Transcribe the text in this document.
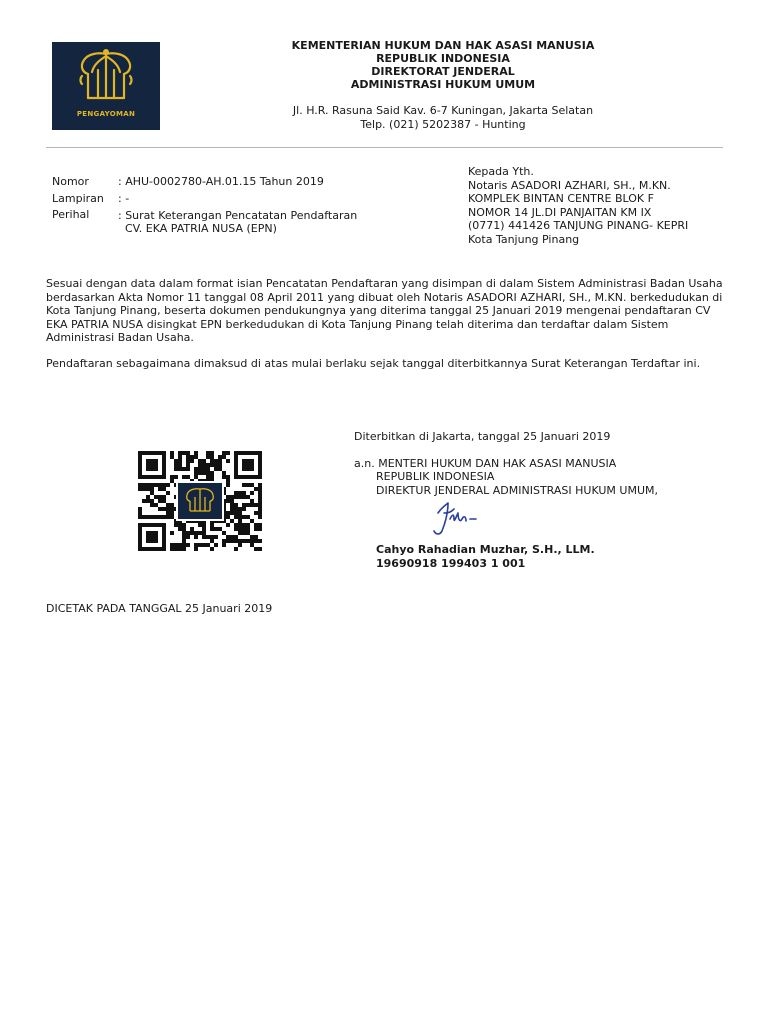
PENGAYOMAN
KEMENTERIAN HUKUM DAN HAK ASASI MANUSIA
REPUBLIK INDONESIA
DIREKTORAT JENDERAL
ADMINISTRASI HUKUM UMUM
Jl. H.R. Rasuna Said Kav. 6-7 Kuningan, Jakarta Selatan
Telp. (021) 5202387 - Hunting
Nomor	: AHU-0002780-AH.01.15 Tahun 2019
Lampiran : -
Perihal	: Surat Keterangan Pencatatan Pendaftaran
CV. EKA PATRIA NUSA (EPN)
Kepada Yth.
Notaris ASADORI AZHARI, SH., M.KN.
KOMPLEK BINTAN CENTRE BLOK F
NOMOR 14 JL.DI PANJAITAN KM IX
(0771) 441426 TANJUNG PINANG- KEPRI
Kota Tanjung Pinang

Sesuai dengan data dalam format isian Pencatatan Pendaftaran yang disimpan di dalam Sistem Administrasi Badan Usaha berdasarkan Akta Nomor 11 tanggal 08 April 2011 yang dibuat oleh Notaris ASADORI AZHARI, SH., M.KN. berkedudukan di Kota Tanjung Pinang, beserta dokumen pendukungnya yang diterima tanggal 25 Januari 2019 mengenai pendaftaran CV EKA PATRIA NUSA disingkat EPN berkedudukan di Kota Tanjung Pinang telah diterima dan terdaftar dalam Sistem Administrasi Badan Usaha.

Pendaftaran sebagaimana dimaksud di atas mulai berlaku sejak tanggal diterbitkannya Surat Keterangan Terdaftar ini.

Diterbitkan di Jakarta, tanggal 25 Januari 2019
a.n. MENTERI HUKUM DAN HAK ASASI MANUSIA
REPUBLIK INDONESIA
DIREKTUR JENDERAL ADMINISTRASI HUKUM UMUM,
Cahyo Rahadian Muzhar, S.H., LLM.
19690918 199403 1 001
DICETAK PADA TANGGAL 25 Januari 2019
